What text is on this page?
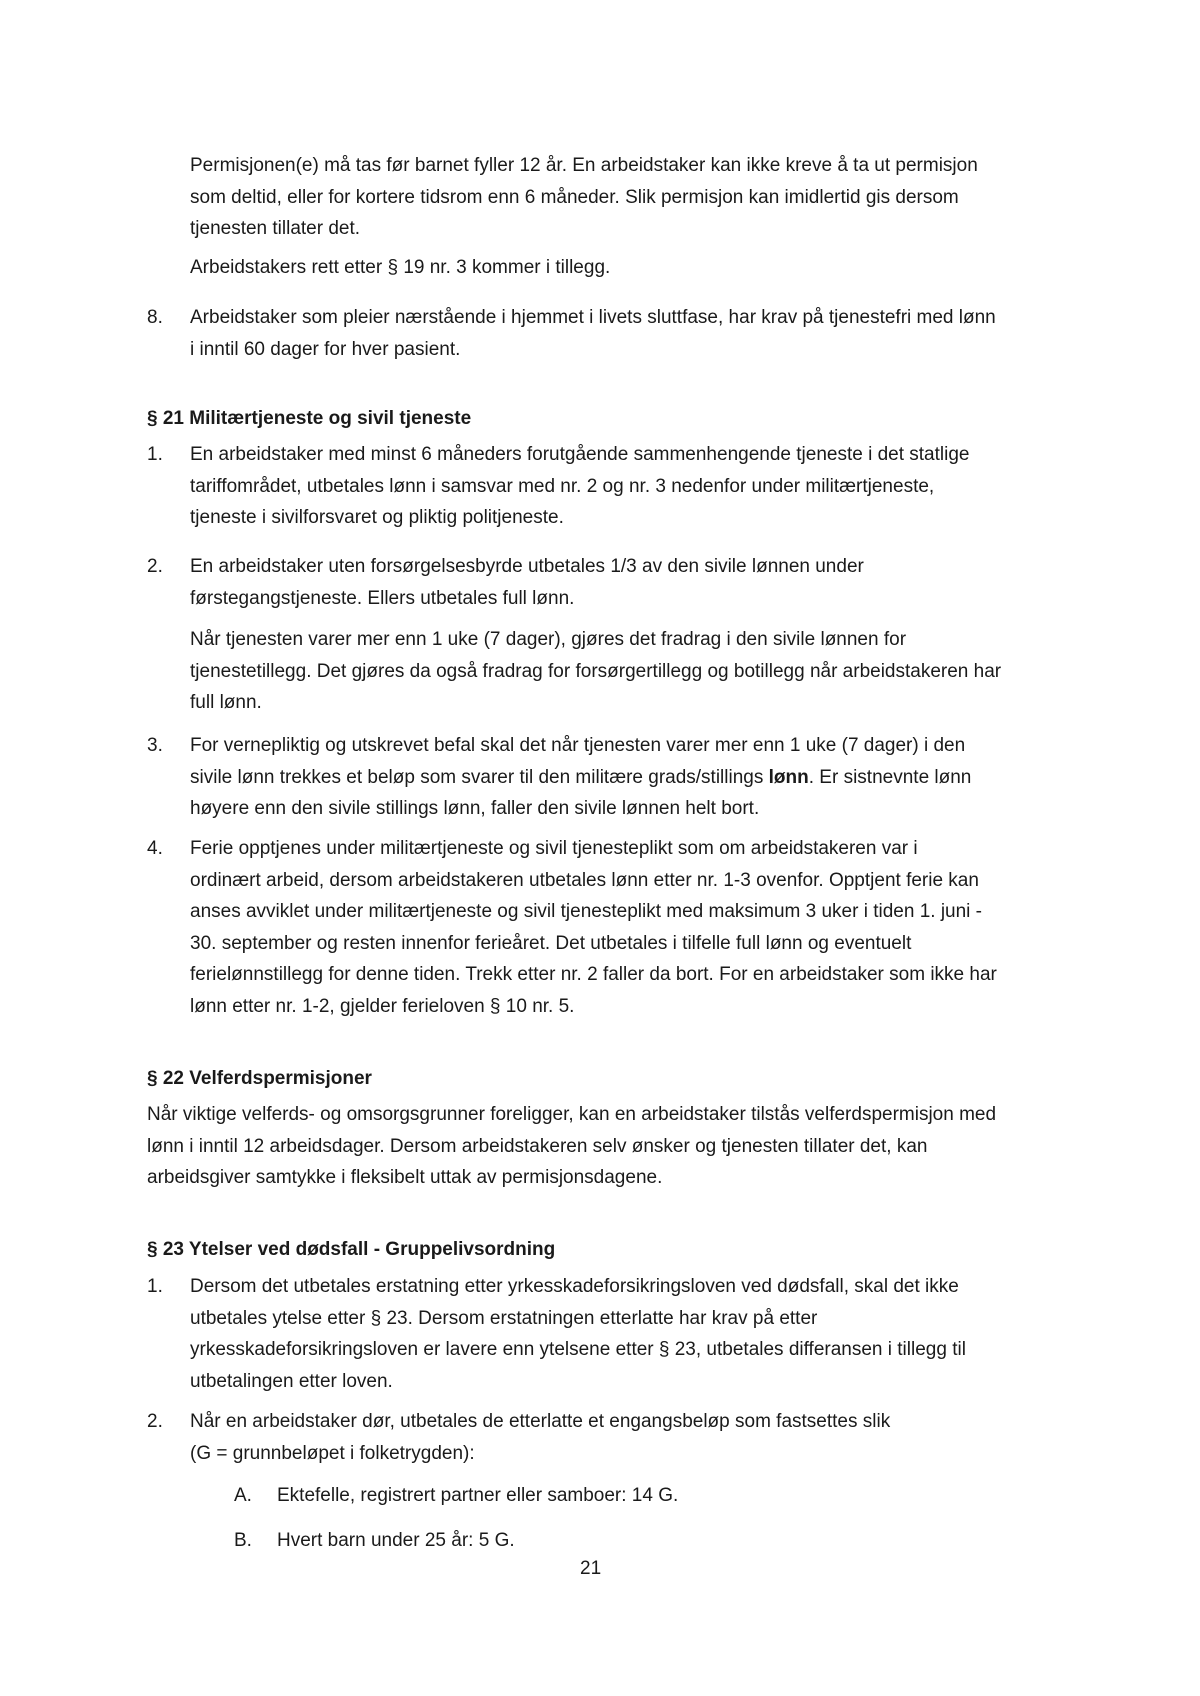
Permisjonen(e) må tas før barnet fyller 12 år. En arbeidstaker kan ikke kreve å ta ut permisjon
som deltid, eller for kortere tidsrom enn 6 måneder. Slik permisjon kan imidlertid gis dersom
tjenesten tillater det.

Arbeidstakers rett etter § 19 nr. 3 kommer i tillegg.

8.	Arbeidstaker som pleier nærstående i hjemmet i livets sluttfase, har krav på tjenestefri med lønn
i inntil 60 dager for hver pasient.

§ 21 Militærtjeneste og sivil tjeneste
1.	En arbeidstaker med minst 6 måneders forutgående sammenhengende tjeneste i det statlige
tariffområdet, utbetales lønn i samsvar med nr. 2 og nr. 3 nedenfor under militærtjeneste,
tjeneste i sivilforsvaret og pliktig politjeneste.

2.	En arbeidstaker uten forsørgelsesbyrde utbetales 1/3 av den sivile lønnen under
førstegangstjeneste. Ellers utbetales full lønn.

Når tjenesten varer mer enn 1 uke (7 dager), gjøres det fradrag i den sivile lønnen for
tjenestetillegg. Det gjøres da også fradrag for forsørgertillegg og botillegg når arbeidstakeren har
full lønn.

3.	For vernepliktig og utskrevet befal skal det når tjenesten varer mer enn 1 uke (7 dager) i den
sivile lønn trekkes et beløp som svarer til den militære grads/stillings lønn. Er sistnevnte lønn
høyere enn den sivile stillings lønn, faller den sivile lønnen helt bort.

4.	Ferie opptjenes under militærtjeneste og sivil tjenesteplikt som om arbeidstakeren var i
ordinært arbeid, dersom arbeidstakeren utbetales lønn etter nr. 1-3 ovenfor. Opptjent ferie kan
anses avviklet under militærtjeneste og sivil tjenesteplikt med maksimum 3 uker i tiden 1. juni -
30. september og resten innenfor ferieåret. Det utbetales i tilfelle full lønn og eventuelt
ferielønnstillegg for denne tiden. Trekk etter nr. 2 faller da bort. For en arbeidstaker som ikke har
lønn etter nr. 1-2, gjelder ferieloven § 10 nr. 5.

§ 22 Velferdspermisjoner

Når viktige velferds- og omsorgsgrunner foreligger, kan en arbeidstaker tilstås velferdspermisjon med
lønn i inntil 12 arbeidsdager. Dersom arbeidstakeren selv ønsker og tjenesten tillater det, kan
arbeidsgiver samtykke i fleksibelt uttak av permisjonsdagene.

§ 23 Ytelser ved dødsfall - Gruppelivsordning
1.	Dersom det utbetales erstatning etter yrkesskadeforsikringsloven ved dødsfall, skal det ikke
utbetales ytelse etter § 23. Dersom erstatningen etterlatte har krav på etter
yrkesskadeforsikringsloven er lavere enn ytelsene etter § 23, utbetales differansen i tillegg til
utbetalingen etter loven.

2.	Når en arbeidstaker dør, utbetales de etterlatte et engangsbeløp som fastsettes slik
(G = grunnbeløpet i folketrygden):

A.	Ektefelle, registrert partner eller samboer: 14 G.

B.	Hvert barn under 25 år: 5 G.

21
